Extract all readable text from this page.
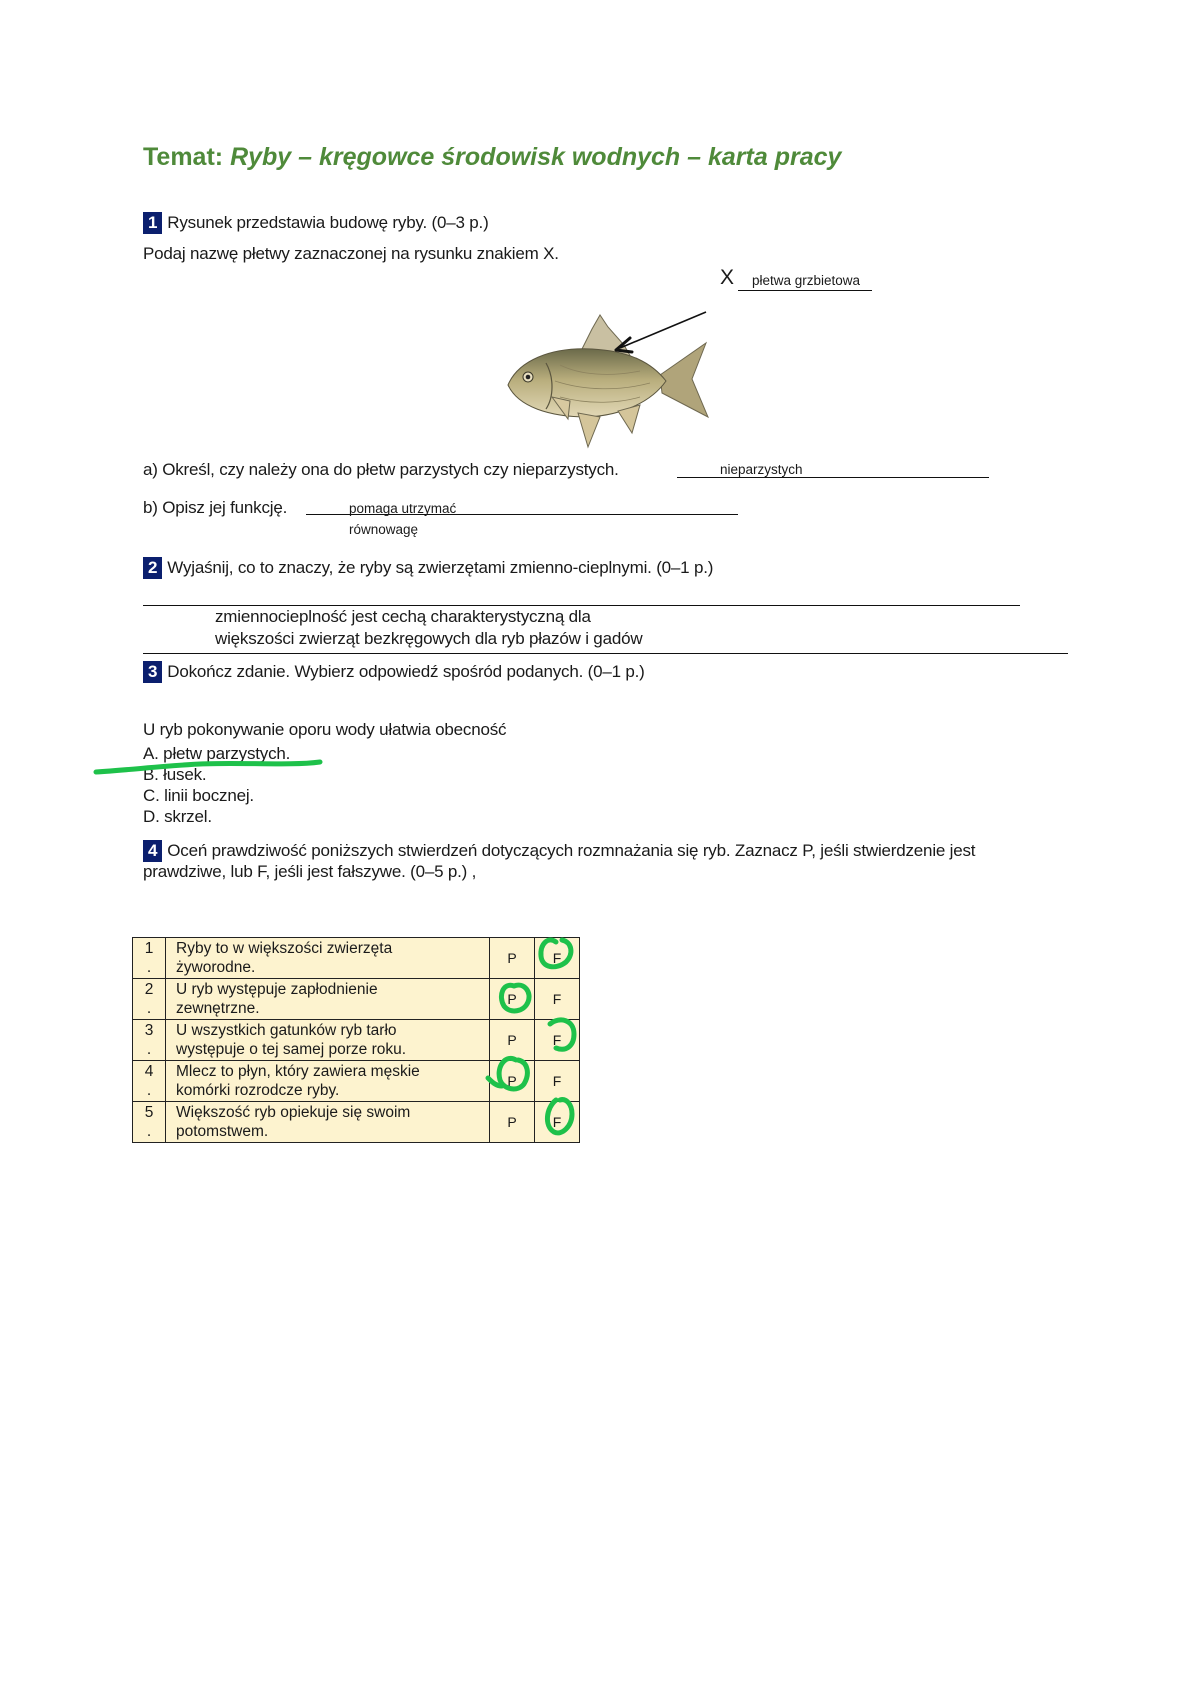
Temat: Ryby – kręgowce środowisk wodnych – karta pracy
1 Rysunek przedstawia budowę ryby. (0–3 p.)
Podaj nazwę płetwy zaznaczonej na rysunku znakiem X.
X płetwa grzbietowa
a) Określ, czy należy ona do płetw parzystych czy nieparzystych.	nieparzystych
b) Opisz jej funkcję.	pomaga utrzymać
równowagę
2 Wyjaśnij, co to znaczy, że ryby są zwierzętami zmienno-cieplnymi. (0–1 p.)
zmiennocieplność jest cechą charakterystyczną dla
większości zwierząt bezkręgowych dla ryb płazów i gadów
3 Dokończ zdanie. Wybierz odpowiedź spośród podanych. (0–1 p.)
U ryb pokonywanie oporu wody ułatwia obecność
A. płetw parzystych.
B. łusek.
C. linii bocznej.
D. skrzel.
4 Oceń prawdziwość poniższych stwierdzeń dotyczących rozmnażania się ryb. Zaznacz P, jeśli stwierdzenie jest
prawdziwe, lub F, jeśli jest fałszywe. (0–5 p.) ,
1
.	Ryby to w większości zwierzęta
żyworodne.	P	F
2
.	U ryb występuje zapłodnienie
zewnętrzne.	P	F
3
.	U wszystkich gatunków ryb tarło
występuje o tej samej porze roku.	P	F
4
.	Mlecz to płyn, który zawiera męskie
komórki rozrodcze ryby.	P	F
5
.	Większość ryb opiekuje się swoim
potomstwem.	P	F
